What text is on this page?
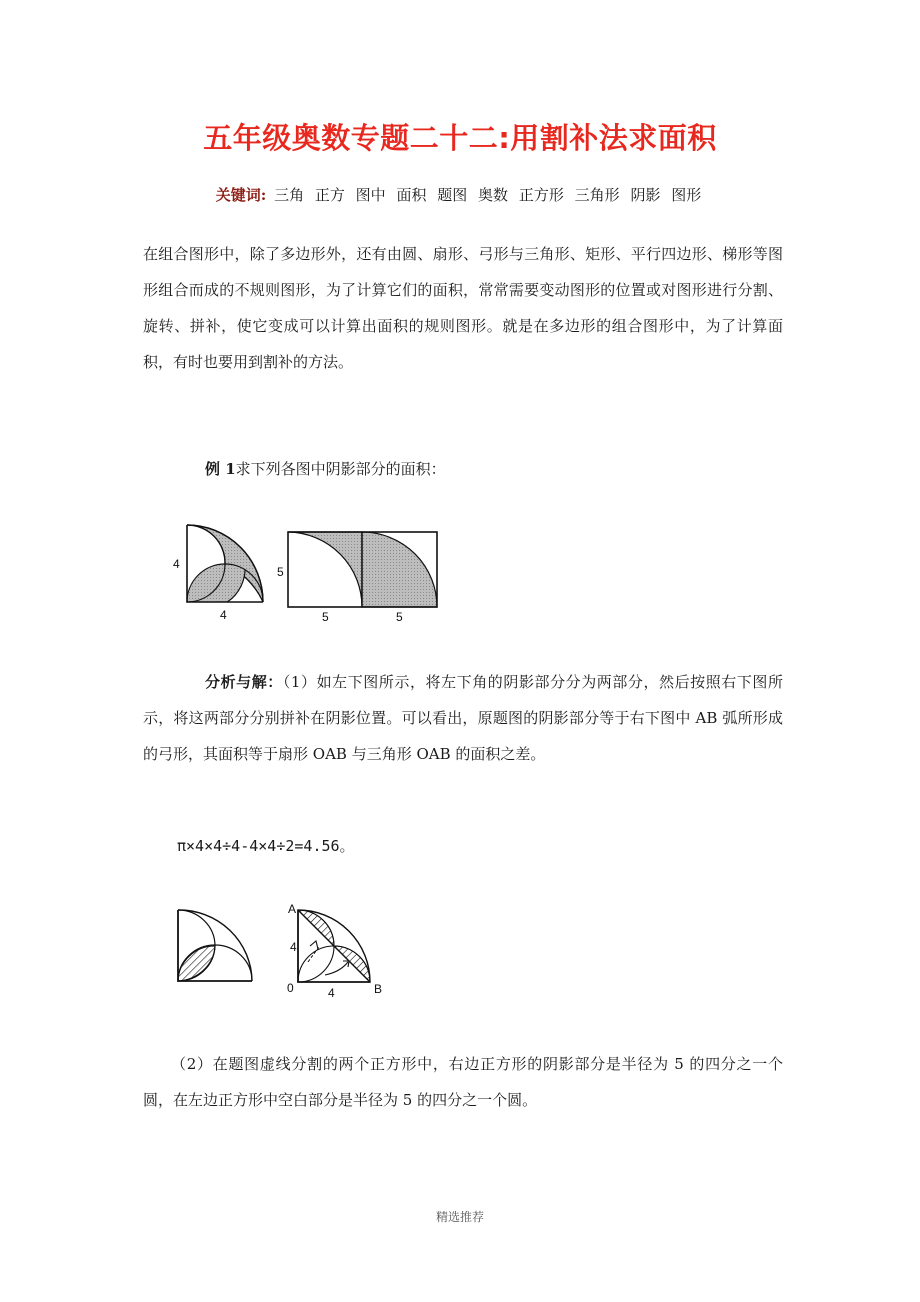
五年级奥数专题二十二:用割补法求面积
关键词: 三角 正方 图中 面积 题图 奥数 正方形 三角形 阴影 图形
在组合图形中，除了多边形外，还有由圆、扇形、弓形与三角形、矩形、平行四边形、梯形等图形组合而成的不规则图形，为了计算它们的面积，常常需要变动图形的位置或对图形进行分割、旋转、拼补，使它变成可以计算出面积的规则图形。就是在多边形的组合图形中，为了计算面积，有时也要用到割补的方法。
例 1求下列各图中阴影部分的面积：
4
4
5
5	5
分析与解：（1）如左下图所示，将左下角的阴影部分分为两部分，然后按照右下图所示，将这两部分分别拼补在阴影位置。可以看出，原题图的阴影部分等于右下图中 AB 弧所形成的弓形，其面积等于扇形 OAB 与三角形 OAB 的面积之差。
π×4×4÷4-4×4÷2=4.56。
A
4
0	4	B
（2）在题图虚线分割的两个正方形中，右边正方形的阴影部分是半径为 5 的四分之一个圆，在左边正方形中空白部分是半径为 5 的四分之一个圆。
精选推荐
